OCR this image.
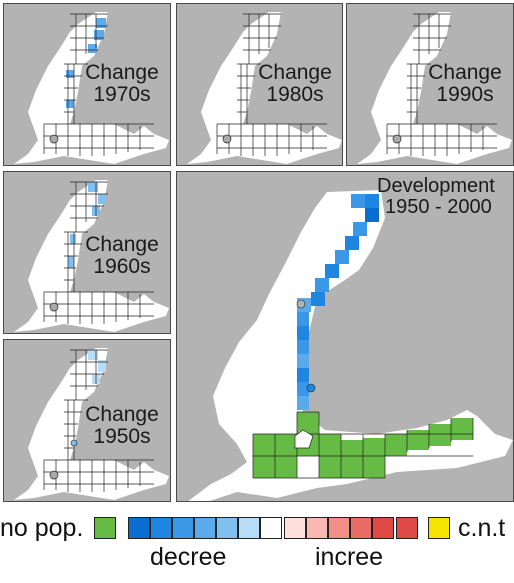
Change
1970s
Change
1980s
Change
1990s
Change
1960s
Change
1950s
Development
1950 - 2000
no pop.	c.n.t
decree	incree
